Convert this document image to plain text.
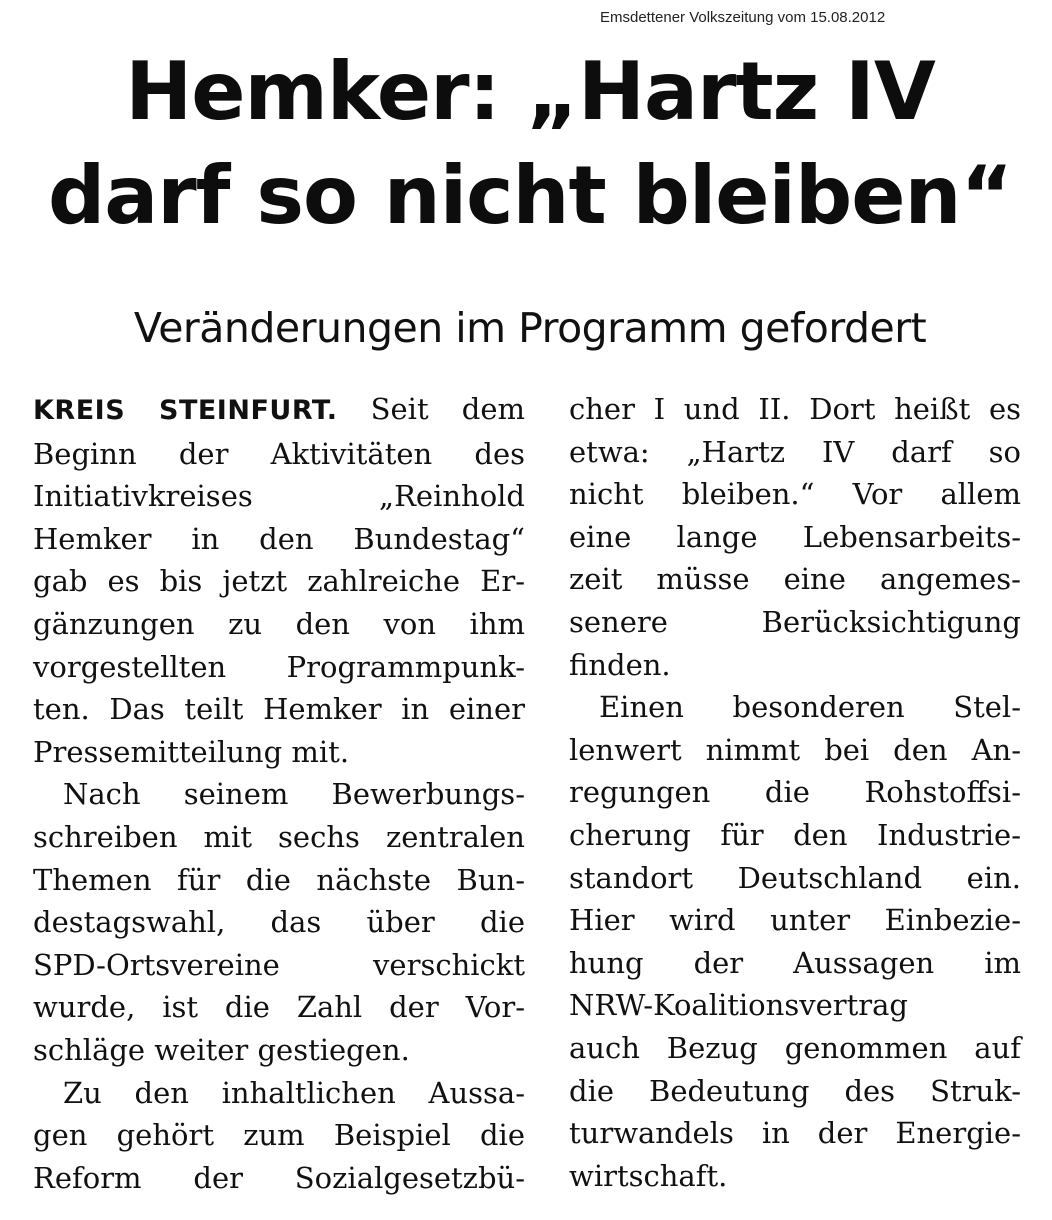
Emsdettener Volkszeitung vom 15.08.2012
Hemker: „Hartz IV
darf so nicht bleiben“
Veränderungen im Programm gefordert

KREIS STEINFURT. Seit dem
Beginn der Aktivitäten des
Initiativkreises „Reinhold
Hemker in den Bundestag“
gab es bis jetzt zahlreiche Er-
gänzungen zu den von ihm
vorgestellten Programmpunk-
ten. Das teilt Hemker in einer
Pressemitteilung mit.

Nach seinem Bewerbungs-
schreiben mit sechs zentralen
Themen für die nächste Bun-
destagswahl, das über die
SPD-Ortsvereine verschickt
wurde, ist die Zahl der Vor-
schläge weiter gestiegen.

Zu den inhaltlichen Aussa-
gen gehört zum Beispiel die
Reform der Sozialgesetzbü-

cher I und II. Dort heißt es
etwa: „Hartz IV darf so
nicht bleiben.“ Vor allem
eine lange Lebensarbeits-
zeit müsse eine angemes-
senere Berücksichtigung
finden.

Einen besonderen Stel-
lenwert nimmt bei den An-
regungen die Rohstoffsi-
cherung für den Industrie-
standort Deutschland ein.
Hier wird unter Einbezie-
hung der Aussagen im
NRW-Koalitionsvertrag
auch Bezug genommen auf
die Bedeutung des Struk-
turwandels in der Energie-
wirtschaft.
